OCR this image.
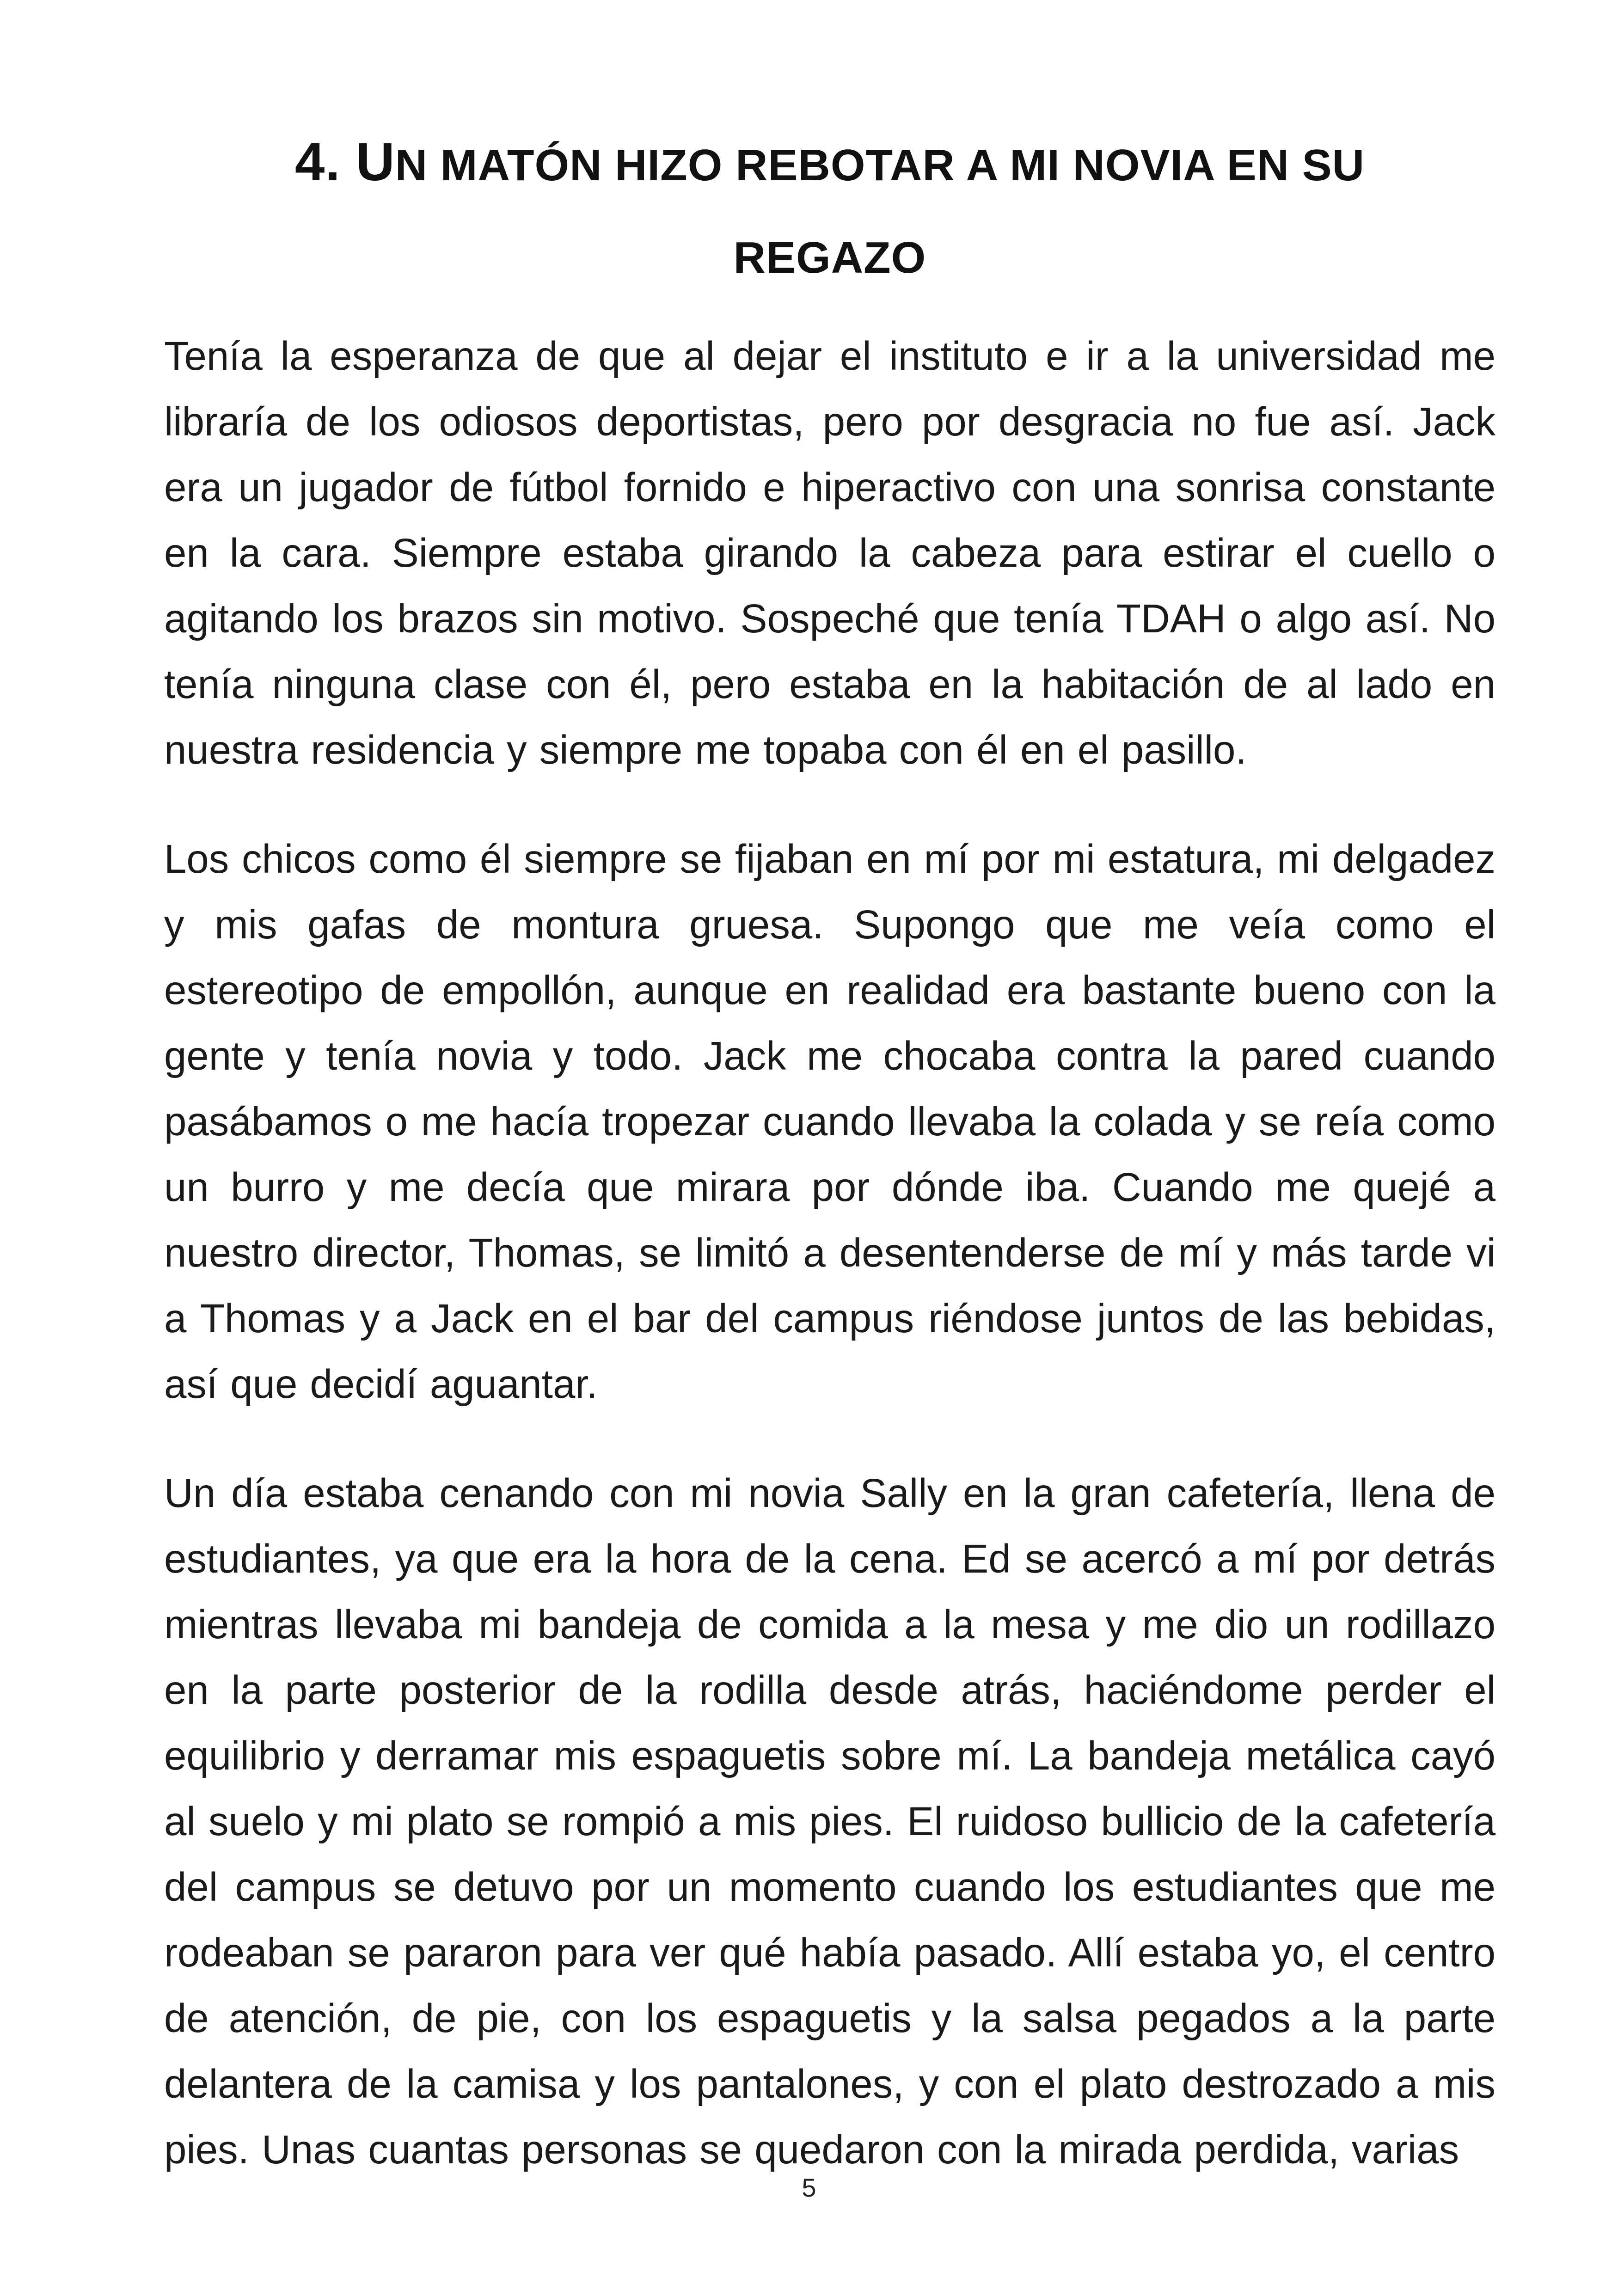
4. UN MATÓN HIZO REBOTAR A MI NOVIA EN SU
REGAZO

Tenía la esperanza de que al dejar el instituto e ir a la universidad me libraría de los odiosos deportistas, pero por desgracia no fue así. Jack era un jugador de fútbol fornido e hiperactivo con una sonrisa constante en la cara. Siempre estaba girando la cabeza para estirar el cuello o agitando los brazos sin motivo. Sospeché que tenía TDAH o algo así. No tenía ninguna clase con él, pero estaba en la habitación de al lado en nuestra residencia y siempre me topaba con él en el pasillo.

Los chicos como él siempre se fijaban en mí por mi estatura, mi delgadez y mis gafas de montura gruesa. Supongo que me veía como el estereotipo de empollón, aunque en realidad era bastante bueno con la gente y tenía novia y todo. Jack me chocaba contra la pared cuando pasábamos o me hacía tropezar cuando llevaba la colada y se reía como un burro y me decía que mirara por dónde iba. Cuando me quejé a nuestro director, Thomas, se limitó a desentenderse de mí y más tarde vi a Thomas y a Jack en el bar del campus riéndose juntos de las bebidas, así que decidí aguantar.

Un día estaba cenando con mi novia Sally en la gran cafetería, llena de estudiantes, ya que era la hora de la cena. Ed se acercó a mí por detrás mientras llevaba mi bandeja de comida a la mesa y me dio un rodillazo en la parte posterior de la rodilla desde atrás, haciéndome perder el equilibrio y derramar mis espaguetis sobre mí. La bandeja metálica cayó al suelo y mi plato se rompió a mis pies. El ruidoso bullicio de la cafetería del campus se detuvo por un momento cuando los estudiantes que me rodeaban se pararon para ver qué había pasado. Allí estaba yo, el centro de atención, de pie, con los espaguetis y la salsa pegados a la parte delantera de la camisa y los pantalones, y con el plato destrozado a mis pies. Unas cuantas personas se quedaron con la mirada perdida, varias

5
